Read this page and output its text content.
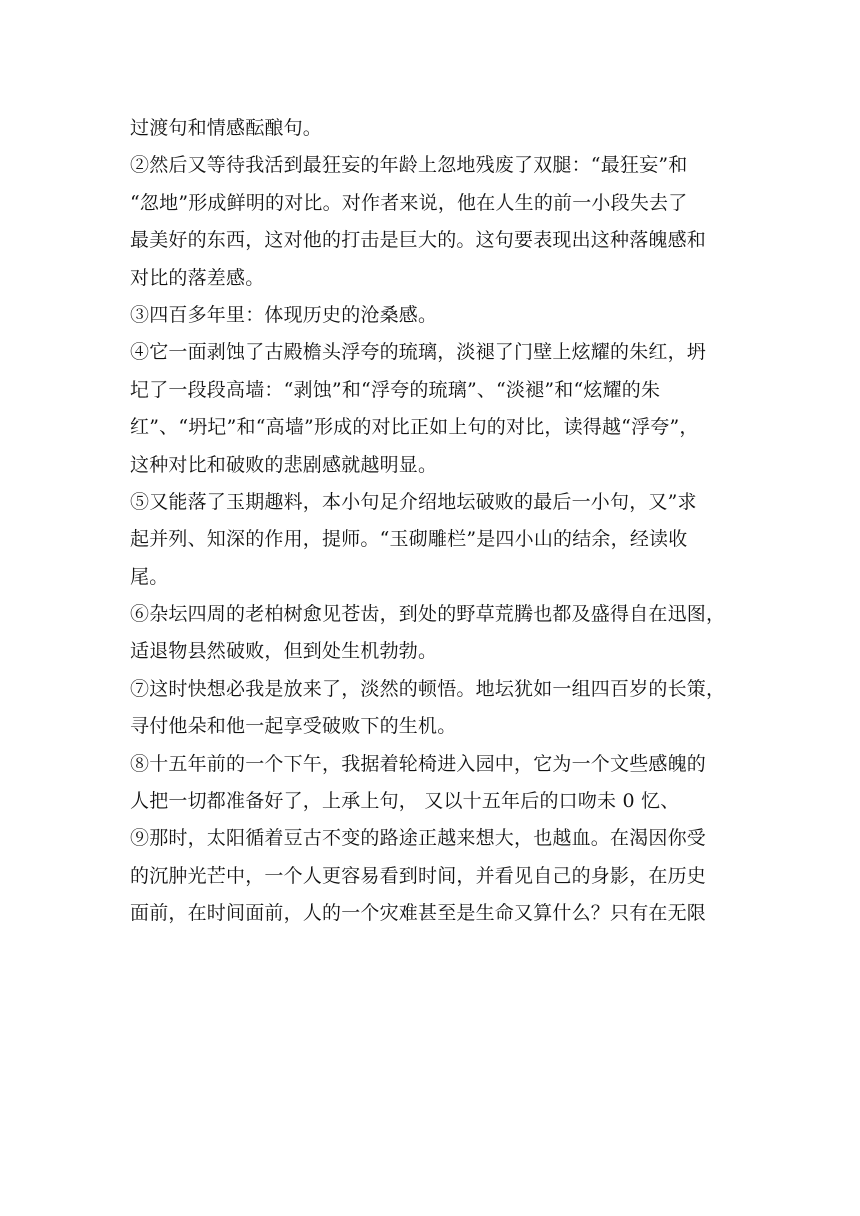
过渡句和情感酝酿句。
②然后又等待我活到最狂妄的年龄上忽地残废了双腿：“最狂妄”和
“忽地”形成鲜明的对比。对作者来说，他在人生的前一小段失去了
最美好的东西，这对他的打击是巨大的。这句要表现出这种落魄感和
对比的落差感。
③四百多年里：体现历史的沧桑感。
④它一面剥蚀了古殿檐头浮夸的琉璃，淡褪了门壁上炫耀的朱红，坍
圮了一段段高墙：“剥蚀”和“浮夸的琉璃”、“淡褪”和“炫耀的朱
红”、“坍圮”和“高墙”形成的对比正如上句的对比，读得越“浮夸”，
这种对比和破败的悲剧感就越明显。
⑤又能落了玉期趣料，本小句足介绍地坛破败的最后一小句，又”求
起并列、知深的作用，提师。“玉砌雕栏”是四小山的结余，经读收
尾。
⑥杂坛四周的老柏树愈见苍齿，到处的野草荒腾也都及盛得自在迅图，
适退物县然破败，但到处生机勃勃。
⑦这时快想必我是放来了，淡然的顿悟。地坛犹如一组四百岁的长策，
寻付他朵和他一起享受破败下的生机。
⑧十五年前的一个下午，我据着轮椅进入园中，它为一个文些感魄的
人把一切都准备好了，上承上句， 又以十五年后的口吻未 0 忆、
⑨那时，太阳循着豆古不变的路途正越来想大，也越血。在渴因你受
的沉肿光芒中，一个人更容易看到时间，并看见自己的身影，在历史
面前，在时间面前，人的一个灾难甚至是生命又算什么？只有在无限
